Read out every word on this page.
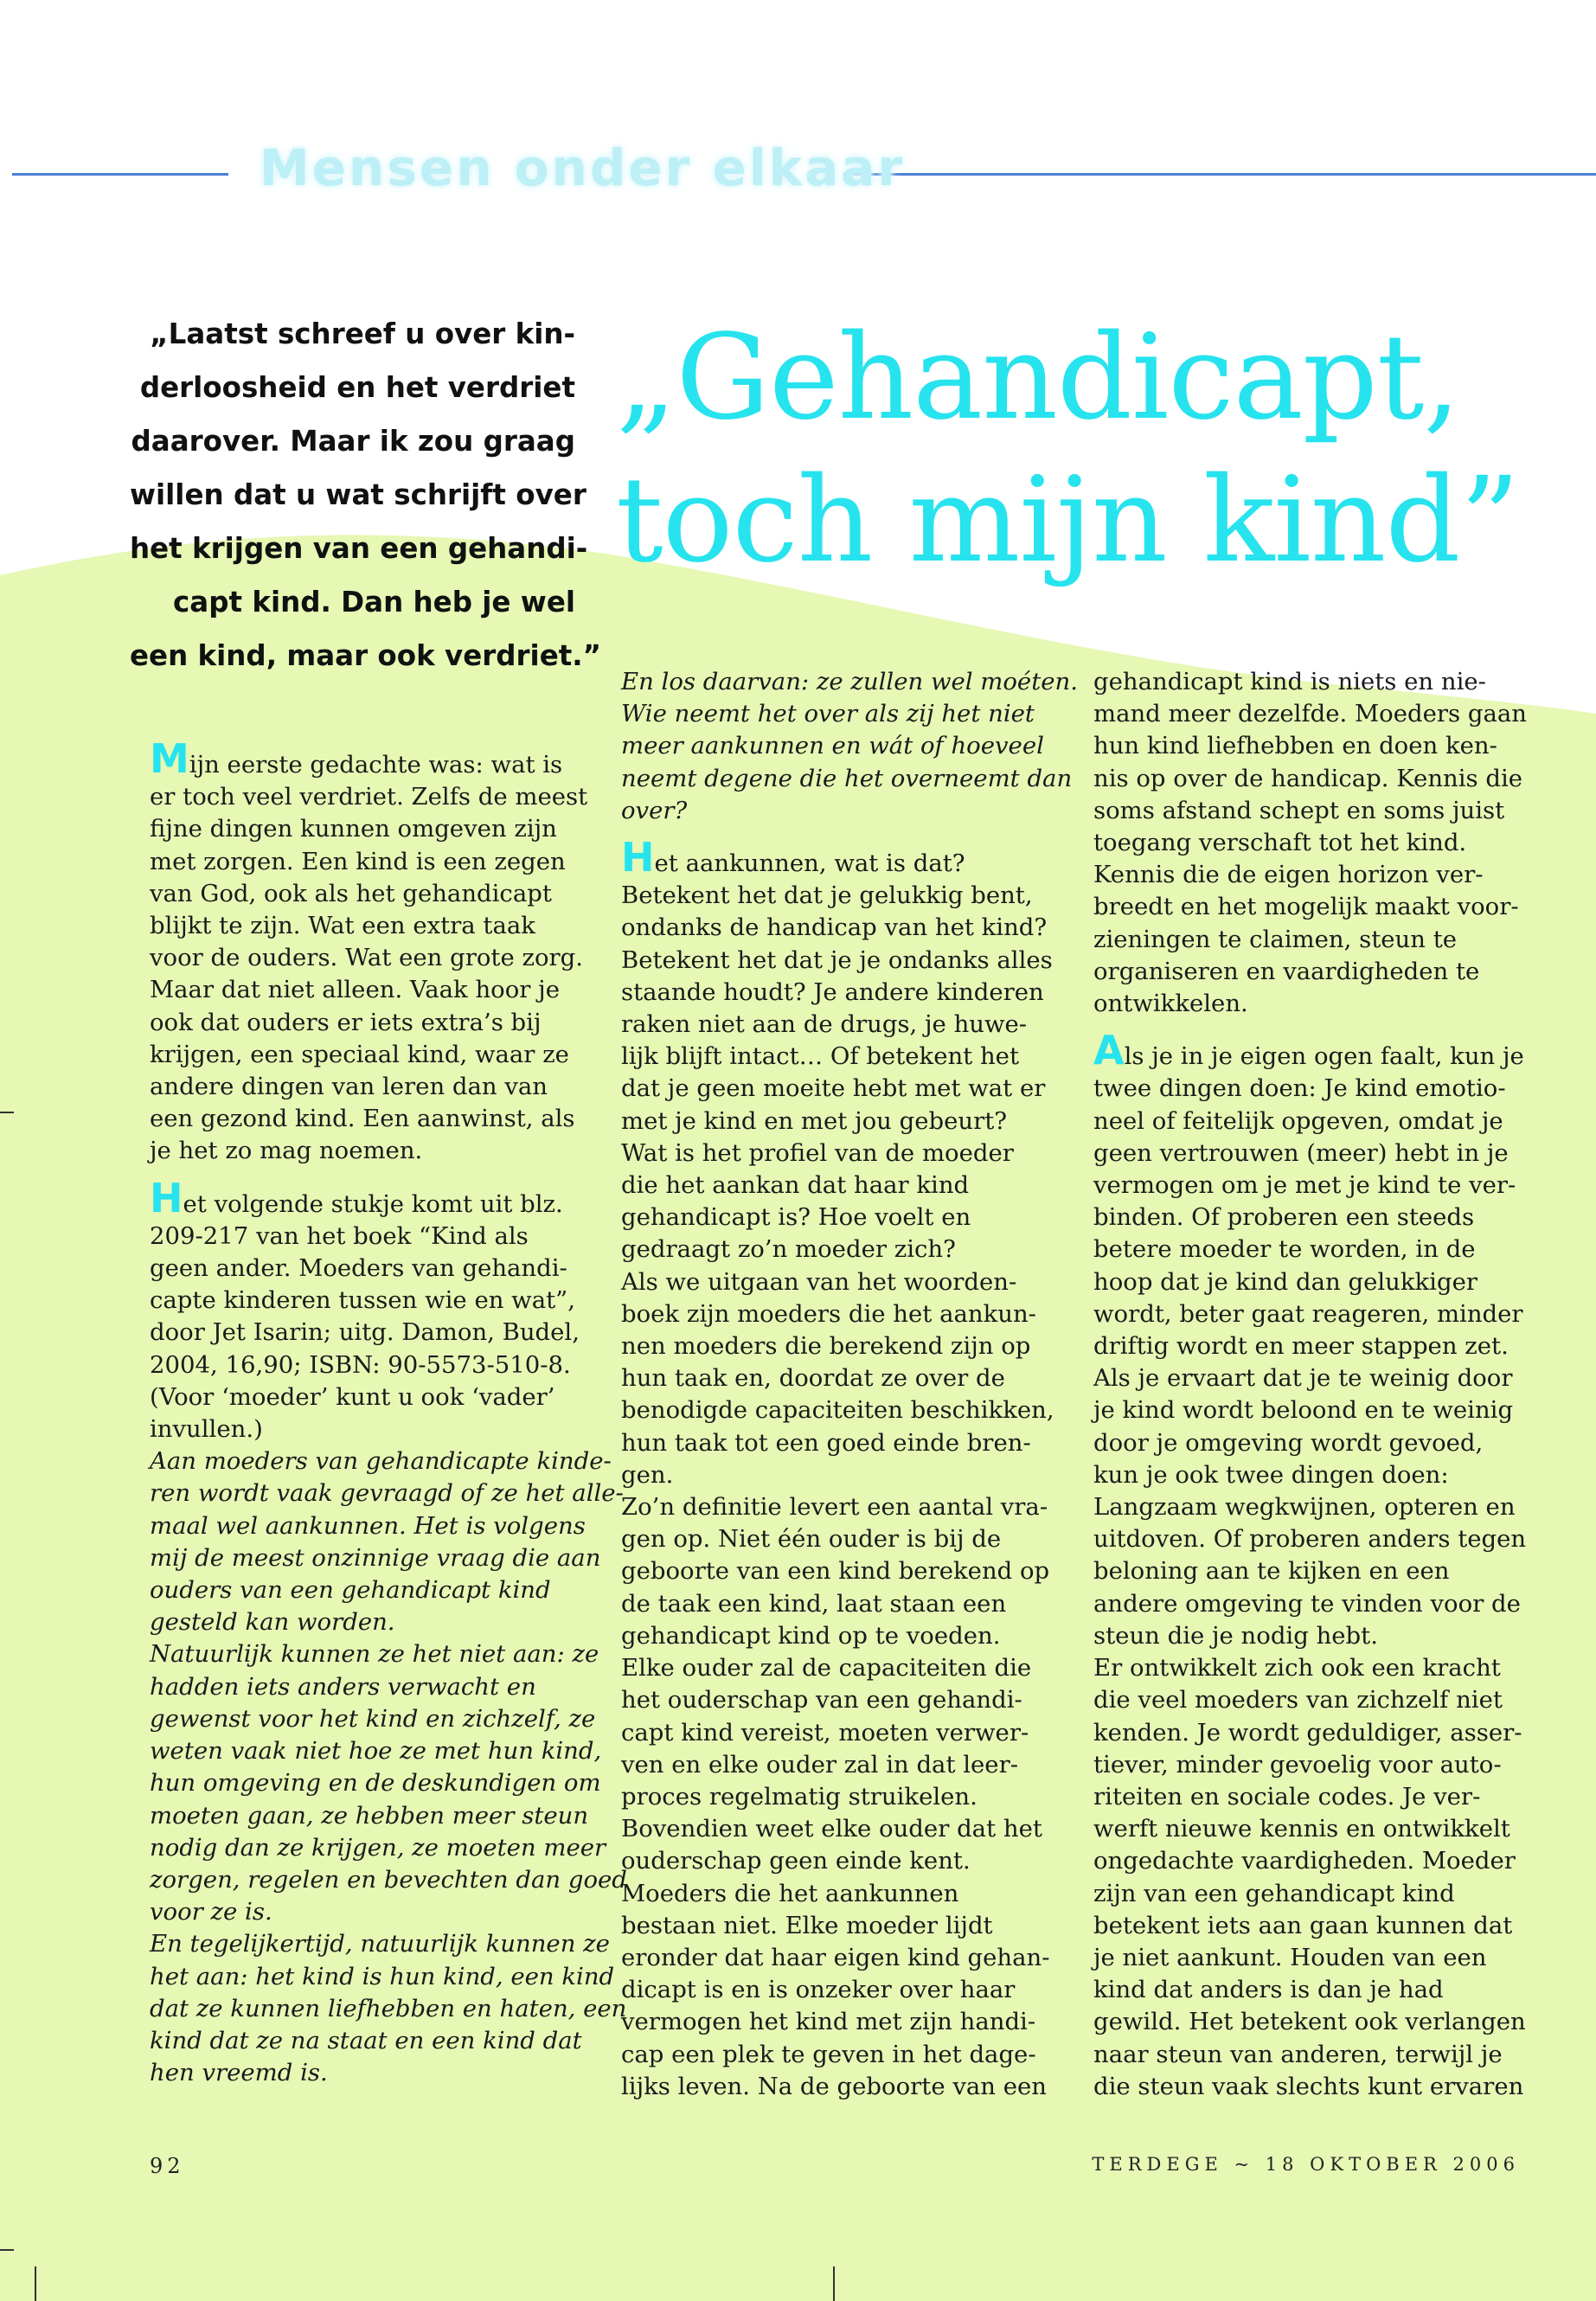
Mensen onder elkaar
„Gehandicapt,
toch mijn kind”
„Laatst schreef u over kin-
derloosheid en het verdriet
daarover. Maar ik zou graag
willen dat u wat schrijft over
het krijgen van een gehandi-
capt kind. Dan heb je wel
een kind, maar ook verdriet.”
Mijn eerste gedachte was: wat is
er toch veel verdriet. Zelfs de meest
fijne dingen kunnen omgeven zijn
met zorgen. Een kind is een zegen
van God, ook als het gehandicapt
blijkt te zijn. Wat een extra taak
voor de ouders. Wat een grote zorg.
Maar dat niet alleen. Vaak hoor je
ook dat ouders er iets extra’s bij
krijgen, een speciaal kind, waar ze
andere dingen van leren dan van
een gezond kind. Een aanwinst, als
je het zo mag noemen.
Het volgende stukje komt uit blz.
209-217 van het boek “Kind als
geen ander. Moeders van gehandi-
capte kinderen tussen wie en wat”,
door Jet Isarin; uitg. Damon, Budel,
2004, 16,90; ISBN: 90-5573-510-8.
(Voor ‘moeder’ kunt u ook ‘vader’
invullen.)
Aan moeders van gehandicapte kinde-
ren wordt vaak gevraagd of ze het alle-
maal wel aankunnen. Het is volgens
mij de meest onzinnige vraag die aan
ouders van een gehandicapt kind
gesteld kan worden.
Natuurlijk kunnen ze het niet aan: ze
hadden iets anders verwacht en
gewenst voor het kind en zichzelf, ze
weten vaak niet hoe ze met hun kind,
hun omgeving en de deskundigen om
moeten gaan, ze hebben meer steun
nodig dan ze krijgen, ze moeten meer
zorgen, regelen en bevechten dan goed
voor ze is.
En tegelijkertijd, natuurlijk kunnen ze
het aan: het kind is hun kind, een kind
dat ze kunnen liefhebben en haten, een
kind dat ze na staat en een kind dat
hen vreemd is.
En los daarvan: ze zullen wel moéten.
Wie neemt het over als zij het niet
meer aankunnen en wát of hoeveel
neemt degene die het overneemt dan
over?
Het aankunnen, wat is dat?
Betekent het dat je gelukkig bent,
ondanks de handicap van het kind?
Betekent het dat je je ondanks alles
staande houdt? Je andere kinderen
raken niet aan de drugs, je huwe-
lijk blijft intact… Of betekent het
dat je geen moeite hebt met wat er
met je kind en met jou gebeurt?
Wat is het profiel van de moeder
die het aankan dat haar kind
gehandicapt is? Hoe voelt en
gedraagt zo’n moeder zich?
Als we uitgaan van het woorden-
boek zijn moeders die het aankun-
nen moeders die berekend zijn op
hun taak en, doordat ze over de
benodigde capaciteiten beschikken,
hun taak tot een goed einde bren-
gen.
Zo’n definitie levert een aantal vra-
gen op. Niet één ouder is bij de
geboorte van een kind berekend op
de taak een kind, laat staan een
gehandicapt kind op te voeden.
Elke ouder zal de capaciteiten die
het ouderschap van een gehandi-
capt kind vereist, moeten verwer-
ven en elke ouder zal in dat leer-
proces regelmatig struikelen.
Bovendien weet elke ouder dat het
ouderschap geen einde kent.
Moeders die het aankunnen
bestaan niet. Elke moeder lijdt
eronder dat haar eigen kind gehan-
dicapt is en is onzeker over haar
vermogen het kind met zijn handi-
cap een plek te geven in het dage-
lijks leven. Na de geboorte van een
gehandicapt kind is niets en nie-
mand meer dezelfde. Moeders gaan
hun kind liefhebben en doen ken-
nis op over de handicap. Kennis die
soms afstand schept en soms juist
toegang verschaft tot het kind.
Kennis die de eigen horizon ver-
breedt en het mogelijk maakt voor-
zieningen te claimen, steun te
organiseren en vaardigheden te
ontwikkelen.
Als je in je eigen ogen faalt, kun je
twee dingen doen: Je kind emotio-
neel of feitelijk opgeven, omdat je
geen vertrouwen (meer) hebt in je
vermogen om je met je kind te ver-
binden. Of proberen een steeds
betere moeder te worden, in de
hoop dat je kind dan gelukkiger
wordt, beter gaat reageren, minder
driftig wordt en meer stappen zet.
Als je ervaart dat je te weinig door
je kind wordt beloond en te weinig
door je omgeving wordt gevoed,
kun je ook twee dingen doen:
Langzaam wegkwijnen, opteren en
uitdoven. Of proberen anders tegen
beloning aan te kijken en een
andere omgeving te vinden voor de
steun die je nodig hebt.
Er ontwikkelt zich ook een kracht
die veel moeders van zichzelf niet
kenden. Je wordt geduldiger, asser-
tiever, minder gevoelig voor auto-
riteiten en sociale codes. Je ver-
werft nieuwe kennis en ontwikkelt
ongedachte vaardigheden. Moeder
zijn van een gehandicapt kind
betekent iets aan gaan kunnen dat
je niet aankunt. Houden van een
kind dat anders is dan je had
gewild. Het betekent ook verlangen
naar steun van anderen, terwijl je
die steun vaak slechts kunt ervaren
92	TERDEGE ~ 18 OKTOBER 2006
